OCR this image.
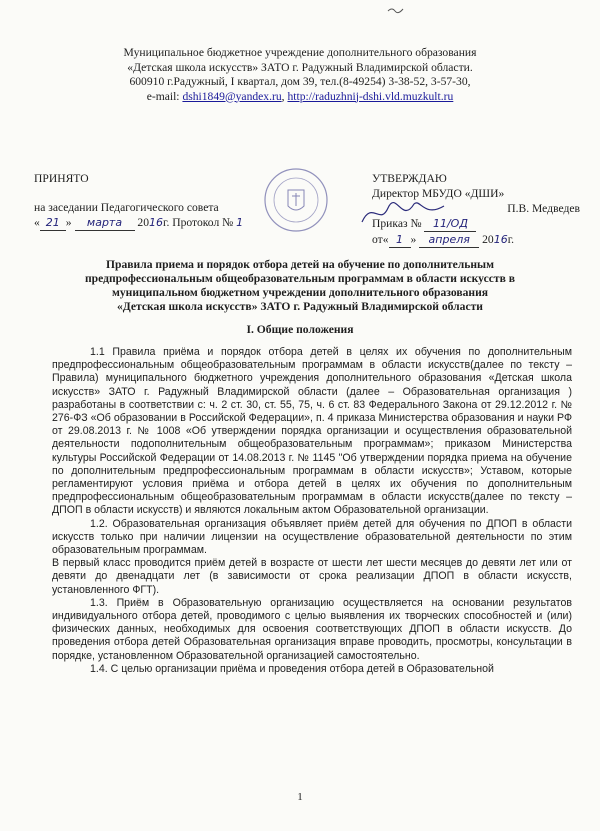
Муниципальное бюджетное учреждение дополнительного образования
«Детская школа искусств» ЗАТО г. Радужный Владимирской области.
600910 г.Радужный, I квартал, дом 39, тел.(8-49254) 3-38-52, 3-57-30,
e-mail: dshi1849@yandex.ru, http://raduzhnij-dshi.vld.muzkult.ru
ПРИНЯТО
на заседании Педагогического совета
« 21 » марта 2016г. Протокол № 1
УТВЕРЖДАЮ
Директор МБУДО «ДШИ»
П.В. Медведев
Приказ № 11/ОД
от« 1 » апреля 2016г.
Правила приема и порядок отбора детей на обучение по дополнительным
предпрофессиональным общеобразовательным программам в области искусств в
муниципальном бюджетном учреждении дополнительного образования
«Детская школа искусств» ЗАТО г. Радужный Владимирской области
I. Общие положения

1.1 Правила приёма и порядок отбора детей в целях их обучения по дополнительным предпрофессиональным общеобразовательным программам в области искусств(далее по тексту – Правила) муниципального бюджетного учреждения дополнительного образования «Детская школа искусств» ЗАТО г. Радужный Владимирской области (далее – Образовательная организация ) разработаны в соответствии с: ч. 2 ст. 30, ст. 55, 75, ч. 6 ст. 83 Федерального Закона от 29.12.2012 г. № 276-ФЗ «Об образовании в Российской Федерации», п. 4 приказа Министерства образования и науки РФ от 29.08.2013 г. № 1008 «Об утверждении порядка организации и осуществления образовательной деятельности подополнительным общеобразовательным программам»; приказом Министерства культуры Российской Федерации от 14.08.2013 г. № 1145 "Об утверждении порядка приема на обучение по дополнительным предпрофессиональным программам в области искусств»; Уставом, которые регламентируют условия приёма и отбора детей в целях их обучения по дополнительным предпрофессиональным общеобразовательным программам в области искусств(далее по тексту – ДПОП в области искусств) и являются локальным актом Образовательной организации.

1.2. Образовательная организация объявляет приём детей для обучения по ДПОП в области искусств только при наличии лицензии на осуществление образовательной деятельности по этим образовательным программам.

В первый класс проводится приём детей в возрасте от шести лет шести месяцев до девяти лет или от девяти до двенадцати лет (в зависимости от срока реализации ДПОП в области искусств, установленного ФГТ).

1.3. Приём в Образовательную организацию осуществляется на основании результатов индивидуального отбора детей, проводимого с целью выявления их творческих способностей и (или) физических данных, необходимых для освоения соответствующих ДПОП в области искусств. До проведения отбора детей Образовательная организация вправе проводить, просмотры, консультации в порядке, установленном Образовательной организацией самостоятельно.

1.4. С целью организации приёма и проведения отбора детей в Образовательной

1
